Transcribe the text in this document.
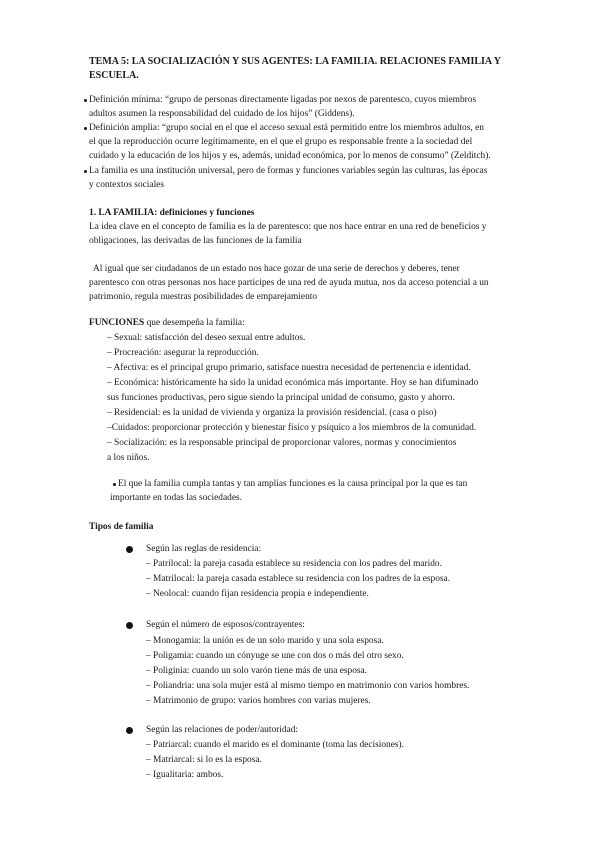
TEMA 5: LA SOCIALIZACIÓN Y SUS AGENTES: LA FAMILIA. RELACIONES FAMILIA Y
ESCUELA.
Definición mínima: “grupo de personas directamente ligadas por nexos de parentesco, cuyos miembros
adultos asumen la responsabilidad del cuidado de los hijos” (Giddens).
Definición amplia: “grupo social en el que el acceso sexual está permitido entre los miembros adultos, en
el que la reproducción ocurre legítimamente, en el que el grupo es responsable frente a la sociedad del
cuidado y la educación de los hijos y es, además, unidad económica, por lo menos de consumo” (Zelditch).
La familia es una institución universal, pero de formas y funciones variables según las culturas, las épocas
y contextos sociales
1. LA FAMILIA: definiciones y funciones
La idea clave en el concepto de familia es la de parentesco: que nos hace entrar en una red de beneficios y
obligaciones, las derivadas de las funciones de la familia
Al igual que ser ciudadanos de un estado nos hace gozar de una serie de derechos y deberes, tener
parentesco con otras personas nos hace partícipes de una red de ayuda mutua, nos da acceso potencial a un
patrimonio, regula nuestras posibilidades de emparejamiento
FUNCIONES que desempeña la familia:
– Sexual: satisfacción del deseo sexual entre adultos.
– Procreación: asegurar la reproducción.
– Afectiva: es el principal grupo primario, satisface nuestra necesidad de pertenencia e identidad.
– Económica: históricamente ha sido la unidad económica más importante. Hoy se han difuminado
sus funciones productivas, pero sigue siendo la principal unidad de consumo, gasto y ahorro.
– Residencial: es la unidad de vivienda y organiza la provisión residencial. (casa o piso)
–Cuidados: proporcionar protección y bienestar físico y psíquico a los miembros de la comunidad.
– Socialización: es la responsable principal de proporcionar valores, normas y conocimientos
a los niños.
El que la familia cumpla tantas y tan amplias funciones es la causa principal por la que es tan
importante en todas las sociedades.
Tipos de familia
Según las reglas de residencia:
– Patrilocal: la pareja casada establece su residencia con los padres del marido.
– Matrilocal: la pareja casada establece su residencia con los padres de la esposa.
– Neolocal: cuando fijan residencia propia e independiente.
Según el número de esposos/contrayentes:
– Monogamia: la unión es de un solo marido y una sola esposa.
– Poligamia: cuando un cónyuge se une con dos o más del otro sexo.
– Poliginia: cuando un solo varón tiene más de una esposa.
– Poliandria: una sola mujer está al mismo tiempo en matrimonio con varios hombres.
– Matrimonio de grupo: varios hombres con varias mujeres.
Según las relaciones de poder/autoridad:
– Patriarcal: cuando el marido es el dominante (toma las decisiones).
– Matriarcal: si lo es la esposa.
– Igualitaria: ambos.
